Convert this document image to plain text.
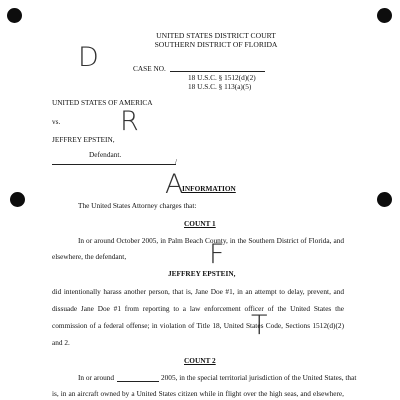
UNITED STATES DISTRICT COURT
SOUTHERN DISTRICT OF FLORIDA
CASE NO.
18 U.S.C. § 1512(d)(2)
18 U.S.C. § 113(a)(5)
UNITED STATES OF AMERICA
vs.
JEFFREY EPSTEIN,
Defendant.
/
D
R
A
F
T
INFORMATION
The United States Attorney charges that:
COUNT 1
In or around October 2005, in Palm Beach County, in the Southern District of Florida, and
elsewhere, the defendant,
JEFFREY EPSTEIN,
did intentionally harass another person, that is, Jane Doe #1, in an attempt to delay, prevent, and
dissuade Jane Doe #1 from reporting to a law enforcement officer of the United States the
commission of a federal offense; in violation of Title 18, United States Code, Sections 1512(d)(2)
and 2.
COUNT 2
In or around	2005, in the special territorial jurisdiction of the United States, that
is, in an aircraft owned by a United States citizen while in flight over the high seas, and elsewhere,
